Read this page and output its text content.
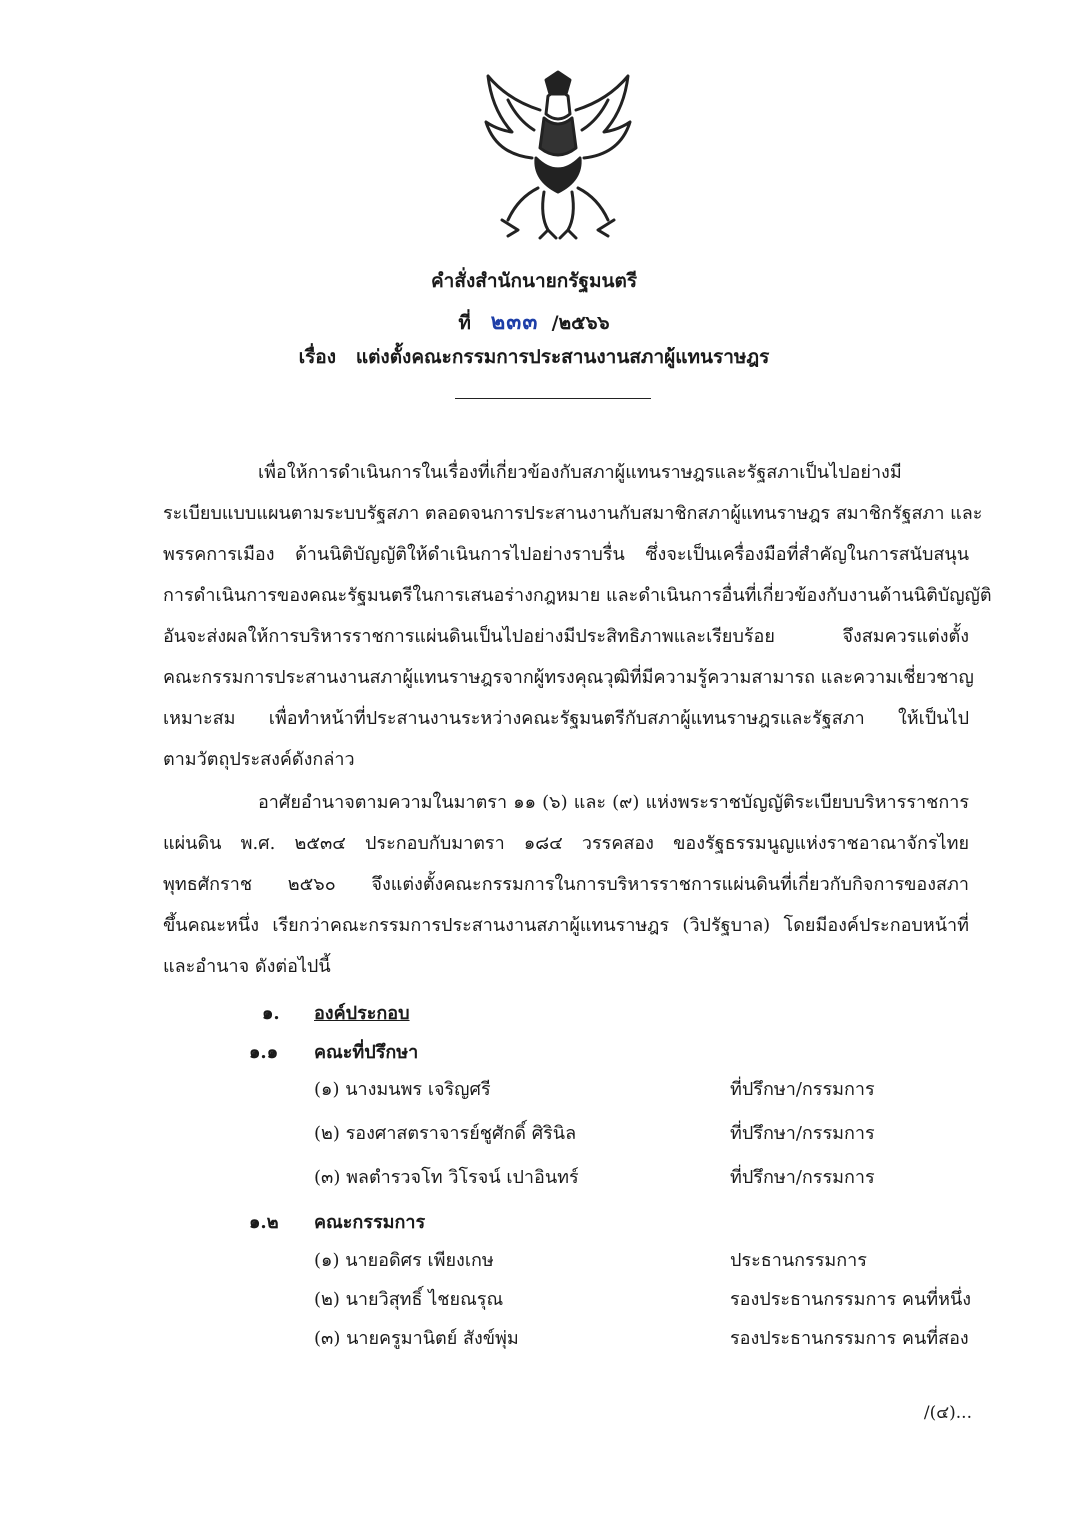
คำสั่งสำนักนายกรัฐมนตรี
ที่ ๒๓๓ /๒๕๖๖
เรื่อง แต่งตั้งคณะกรรมการประสานงานสภาผู้แทนราษฎร
เพื่อให้การดำเนินการในเรื่องที่เกี่ยวข้องกับสภาผู้แทนราษฎรและรัฐสภาเป็นไปอย่างมี
ระเบียบแบบแผนตามระบบรัฐสภา ตลอดจนการประสานงานกับสมาชิกสภาผู้แทนราษฎร สมาชิกรัฐสภา และ
พรรคการเมือง ด้านนิติบัญญัติให้ดำเนินการไปอย่างราบรื่น ซึ่งจะเป็นเครื่องมือที่สำคัญในการสนับสนุน
การดำเนินการของคณะรัฐมนตรีในการเสนอร่างกฎหมาย และดำเนินการอื่นที่เกี่ยวข้องกับงานด้านนิติบัญญัติ
อันจะส่งผลให้การบริหารราชการแผ่นดินเป็นไปอย่างมีประสิทธิภาพและเรียบร้อย จึงสมควรแต่งตั้ง
คณะกรรมการประสานงานสภาผู้แทนราษฎรจากผู้ทรงคุณวุฒิที่มีความรู้ความสามารถ และความเชี่ยวชาญ
เหมาะสม เพื่อทำหน้าที่ประสานงานระหว่างคณะรัฐมนตรีกับสภาผู้แทนราษฎรและรัฐสภา ให้เป็นไป
ตามวัตถุประสงค์ดังกล่าว
อาศัยอำนาจตามความในมาตรา ๑๑ (๖) และ (๙) แห่งพระราชบัญญัติระเบียบบริหารราชการ
แผ่นดิน พ.ศ. ๒๕๓๔ ประกอบกับมาตรา ๑๘๔ วรรคสอง ของรัฐธรรมนูญแห่งราชอาณาจักรไทย
พุทธศักราช ๒๕๖๐ จึงแต่งตั้งคณะกรรมการในการบริหารราชการแผ่นดินที่เกี่ยวกับกิจการของสภา
ขึ้นคณะหนึ่ง เรียกว่าคณะกรรมการประสานงานสภาผู้แทนราษฎร (วิปรัฐบาล) โดยมีองค์ประกอบหน้าที่
และอำนาจ ดังต่อไปนี้
๑. องค์ประกอบ
๑.๑ คณะที่ปรึกษา
(๑) นางมนพร เจริญศรี	ที่ปรึกษา/กรรมการ
(๒) รองศาสตราจารย์ชูศักดิ์ ศิรินิล	ที่ปรึกษา/กรรมการ
(๓) พลตำรวจโท วิโรจน์ เปาอินทร์	ที่ปรึกษา/กรรมการ
๑.๒ คณะกรรมการ
(๑) นายอดิศร เพียงเกษ	ประธานกรรมการ
(๒) นายวิสุทธิ์ ไชยณรุณ	รองประธานกรรมการ คนที่หนึ่ง
(๓) นายครูมานิตย์ สังข์พุ่ม	รองประธานกรรมการ คนที่สอง
/(๔)...
